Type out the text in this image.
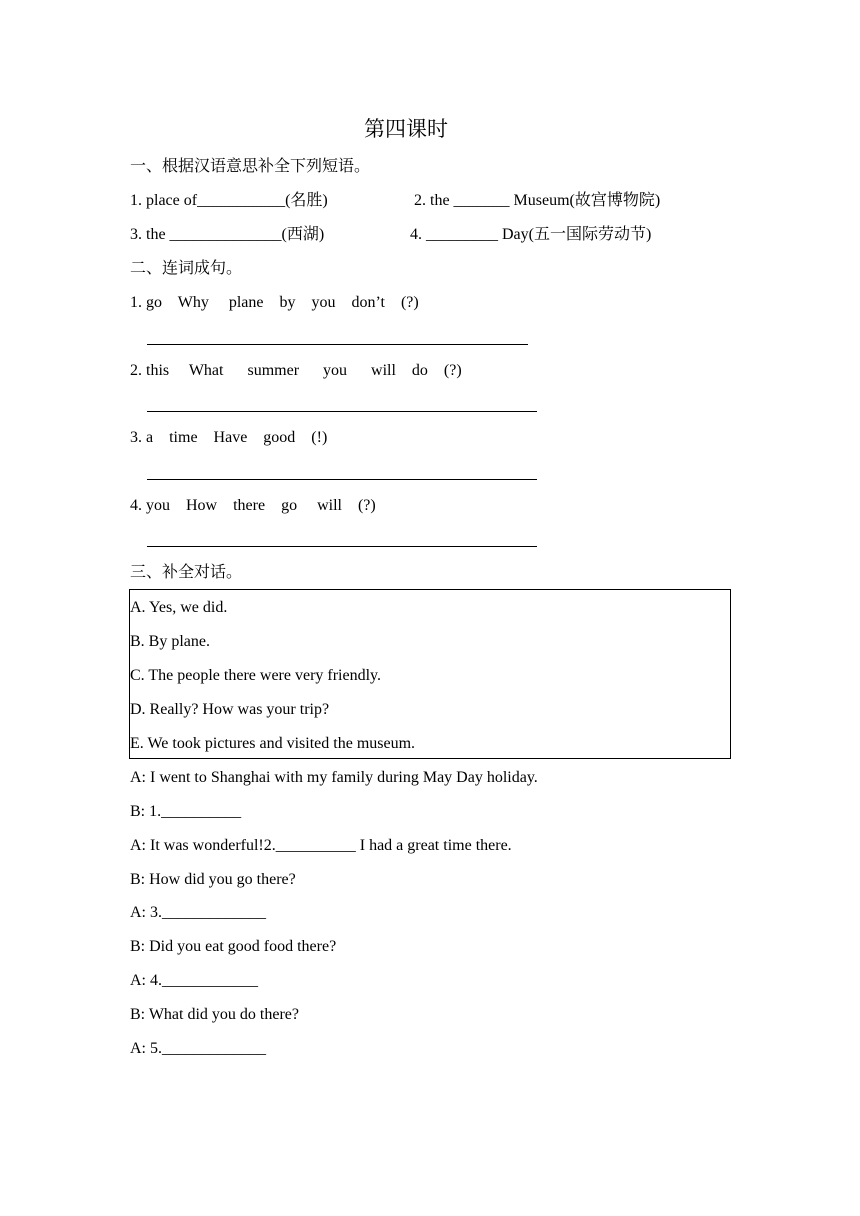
第四课时
一、根据汉语意思补全下列短语。
1. place of___________(名胜)	2. the _______ Museum(故宫博物院)
3. the ______________(西湖)	4. _________ Day(五一国际劳动节)
二、连词成句。
1. go    Why     plane    by    you    don’t    (?)
2. this     What      summer      you      will    do    (?)
3. a    time    Have    good    (!)
4. you    How    there    go     will    (?)
三、补全对话。
A. Yes, we did.
B. By plane.
C. The people there were very friendly.
D. Really? How was your trip?
E. We took pictures and visited the museum.
A: I went to Shanghai with my family during May Day holiday.
B: 1.__________
A: It was wonderful!2.__________ I had a great time there.
B: How did you go there?
A: 3._____________
B: Did you eat good food there?
A: 4.____________
B: What did you do there?
A: 5._____________
